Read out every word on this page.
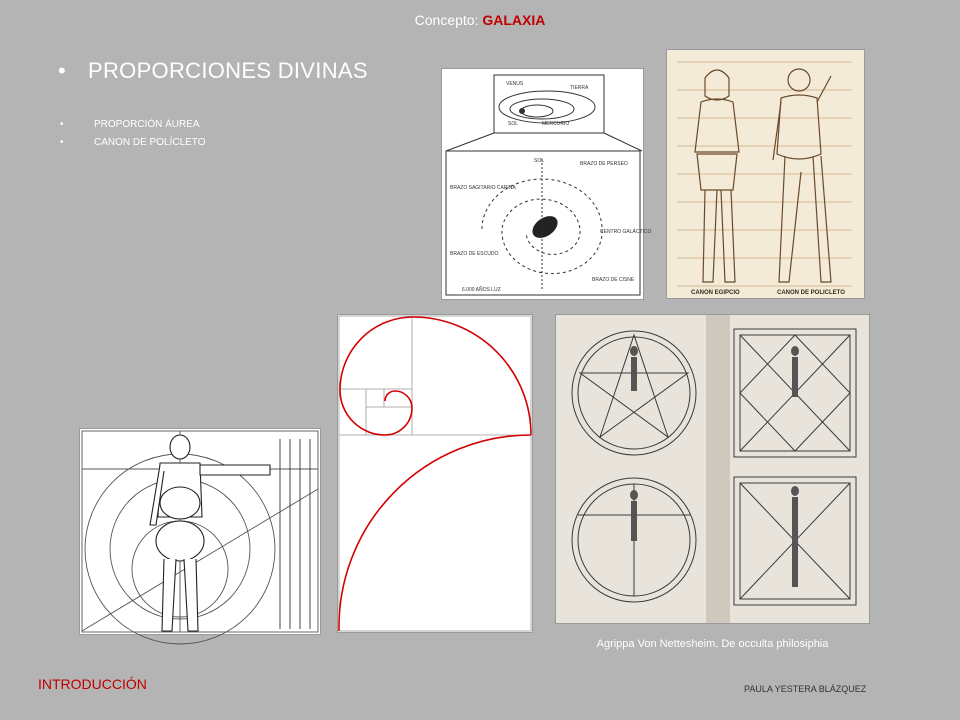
Concepto: GALAXIA
• PROPORCIONES DIVINAS
•	PROPORCIÓN ÁUREA
•	CANON DE POLÍCLETO
VENUS
TIERRA
SOL	MERCURIO
SOL	BRAZO DE PERSEO
BRAZO SAGITARIO CARINA
CENTRO GALÁCTICO
BRAZO DE ESCUDO
BRAZO DE CISNE
6.000 AÑOS LUZ	CANON EGIPCIO	CANON DE POLICLETO
Agrippa Von Nettesheim, De occulta philosiphia
INTRODUCCIÓN	PAULA YESTERA BLÁZQUEZ
